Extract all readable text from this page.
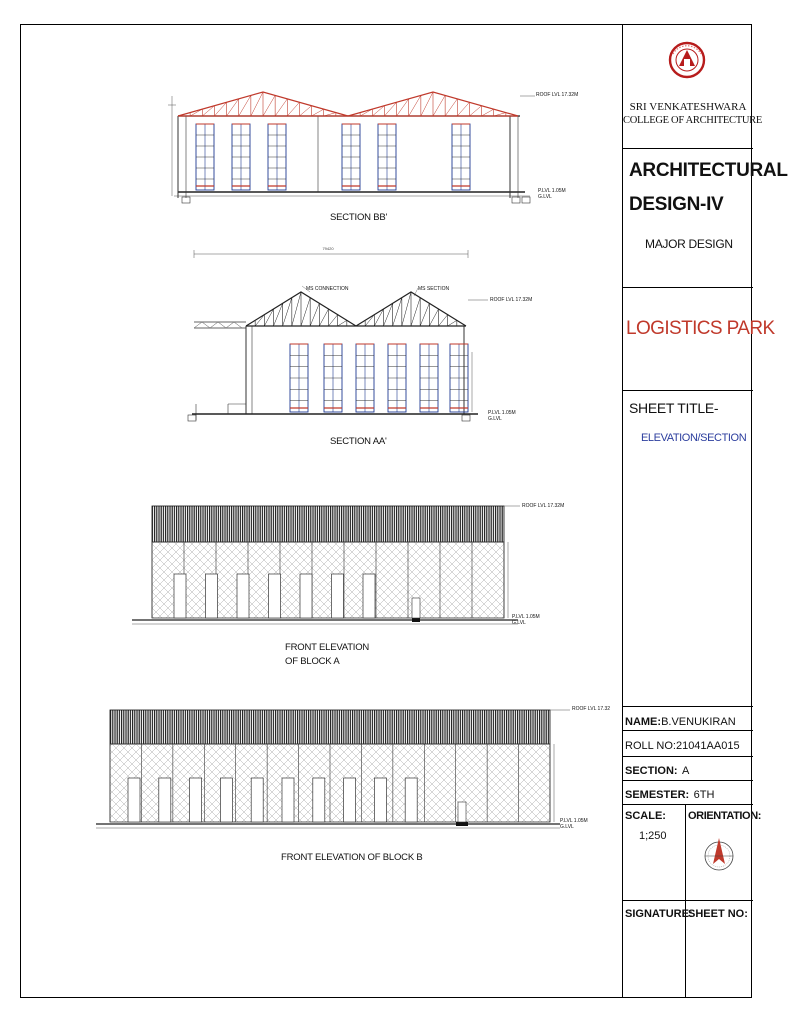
79420
ROOF LVL 17.32M
P.LVL 1.05M
G.LVL
SECTION BB'
MS CONNECTION	MS SECTION
ROOF LVL 17.32M
P.LVL 1.05M
G.LVL
SECTION AA'
ROOF LVL 17.32M
P.LVL 1.05M
G.LVL
FRONT ELEVATION
OF BLOCK A
ROOF LVL 17.32
P.LVL 1.05M
G.LVL
FRONT ELEVATION OF BLOCK B
SRI VENKATESHWARA
COLLEGE OF ARCHITECTURE
ARCHITECTURAL
DESIGN-IV
MAJOR DESIGN
LOGISTICS PARK
SHEET TITLE-
ELEVATION/SECTION
NAME:B.VENUKIRAN
ROLL NO:21041AA015
SECTION: A
SEMESTER: 6TH
SCALE:
1;250
ORIENTATION:
SIGNATURE:
SHEET NO:
